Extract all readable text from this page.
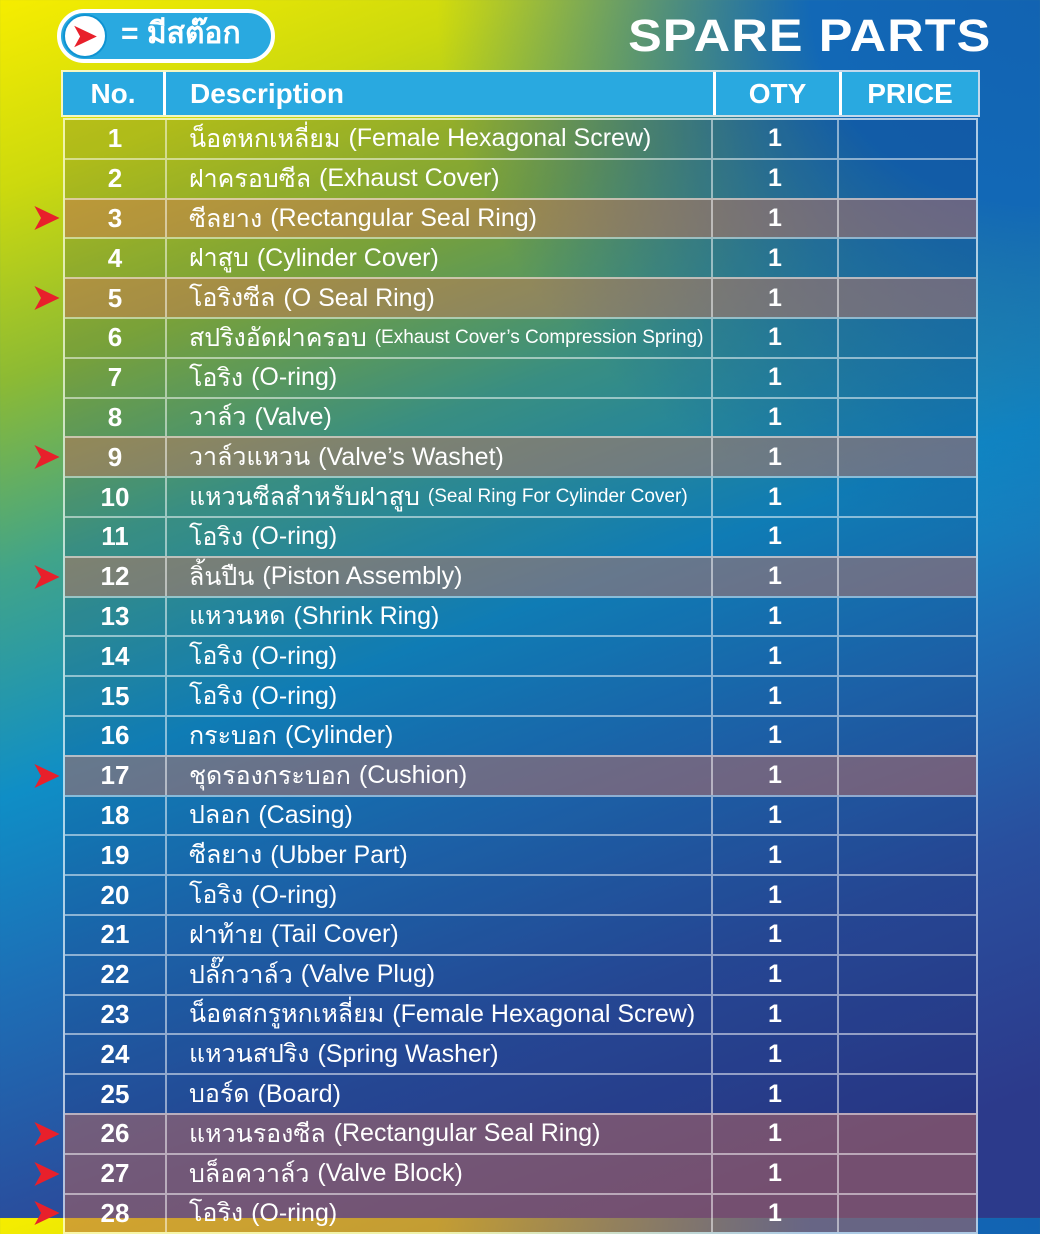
= มีสต๊อก	SPARE PARTS
No.	Description	OTY	PRICE
1	น็อตหกเหลี่ยม (Female Hexagonal Screw)	1
2	ฝาครอบซีล (Exhaust Cover)	1
3	ซีลยาง (Rectangular Seal Ring)	1
4	ฝาสูบ (Cylinder Cover)	1
5	โอริงซีล (O Seal Ring)	1
6	สปริงอัดฝาครอบ (Exhaust Cover’s Compression Spring)	1
7	โอริง (O-ring)	1
8	วาล์ว (Valve)	1
9	วาล์วแหวน (Valve’s Washet)	1
10	แหวนซีลสำหรับฝาสูบ (Seal Ring For Cylinder Cover)	1
11	โอริง (O-ring)	1
12	ลิ้นปืน (Piston Assembly)	1
13	แหวนหด (Shrink Ring)	1
14	โอริง (O-ring)	1
15	โอริง (O-ring)	1
16	กระบอก (Cylinder)	1
17	ชุดรองกระบอก (Cushion)	1
18	ปลอก (Casing)	1
19	ซีลยาง (Ubber Part)	1
20	โอริง (O-ring)	1
21	ฝาท้าย (Tail Cover)	1
22	ปลั๊กวาล์ว (Valve Plug)	1
23	น็อตสกรูหกเหลี่ยม (Female Hexagonal Screw)	1
24	แหวนสปริง (Spring Washer)	1
25	บอร์ด (Board)	1
26	แหวนรองซีล (Rectangular Seal Ring)	1
27	บล็อควาล์ว (Valve Block)	1
28	โอริง (O-ring)	1
